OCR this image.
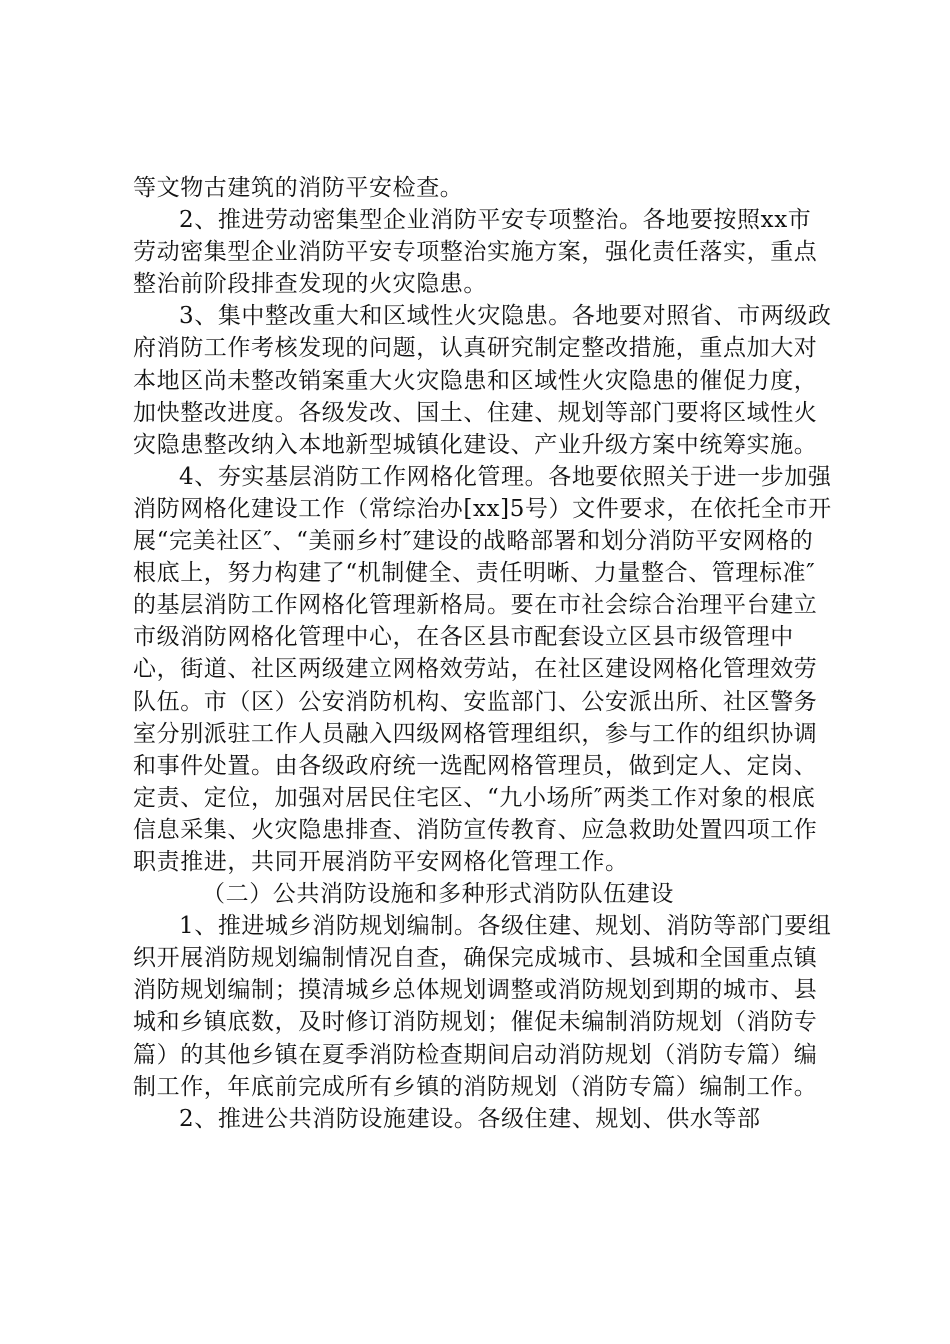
等文物古建筑的消防平安检查。

2、推进劳动密集型企业消防平安专项整治。各地要按照xx市劳动密集型企业消防平安专项整治实施方案，强化责任落实，重点整治前阶段排查发现的火灾隐患。

3、集中整改重大和区域性火灾隐患。各地要对照省、市两级政府消防工作考核发现的问题，认真研究制定整改措施，重点加大对本地区尚未整改销案重大火灾隐患和区域性火灾隐患的催促力度，加快整改进度。各级发改、国土、住建、规划等部门要将区域性火灾隐患整改纳入本地新型城镇化建设、产业升级方案中统筹实施。

4、夯实基层消防工作网格化管理。各地要依照关于进一步加强消防网格化建设工作（常综治办[xx]5号）文件要求，在依托全市开展“完美社区″、“美丽乡村″建设的战略部署和划分消防平安网格的根底上，努力构建了“机制健全、责任明晰、力量整合、管理标准″的基层消防工作网格化管理新格局。要在市社会综合治理平台建立市级消防网格化管理中心，在各区县市配套设立区县市级管理中心，街道、社区两级建立网格效劳站，在社区建设网格化管理效劳队伍。市（区）公安消防机构、安监部门、公安派出所、社区警务室分别派驻工作人员融入四级网格管理组织，参与工作的组织协调和事件处置。由各级政府统一选配网格管理员，做到定人、定岗、定责、定位，加强对居民住宅区、“九小场所″两类工作对象的根底信息采集、火灾隐患排查、消防宣传教育、应急救助处置四项工作职责推进，共同开展消防平安网格化管理工作。

（二）公共消防设施和多种形式消防队伍建设

1、推进城乡消防规划编制。各级住建、规划、消防等部门要组织开展消防规划编制情况自查，确保完成城市、县城和全国重点镇消防规划编制；摸清城乡总体规划调整或消防规划到期的城市、县城和乡镇底数，及时修订消防规划；催促未编制消防规划（消防专篇）的其他乡镇在夏季消防检查期间启动消防规划（消防专篇）编制工作，年底前完成所有乡镇的消防规划（消防专篇）编制工作。

2、推进公共消防设施建设。各级住建、规划、供水等部
